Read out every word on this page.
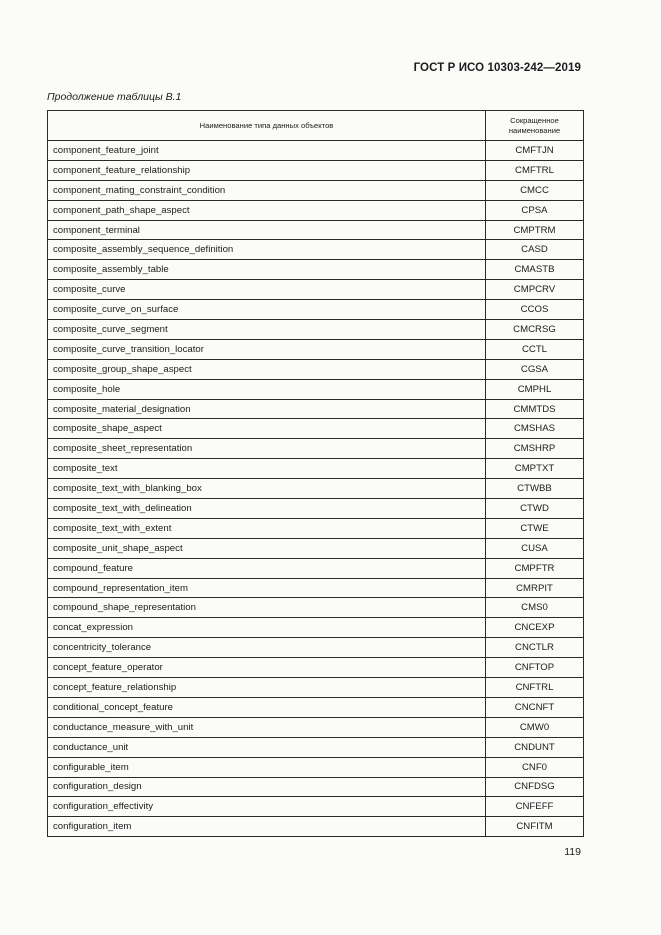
ГОСТ Р ИСО 10303-242—2019

Продолжение таблицы В.1

Наименование типа данных объектов	Сокращенное
наименование
component_feature_joint	CMFTJN
component_feature_relationship	CMFTRL
component_mating_constraint_condition	CMCC
component_path_shape_aspect	CPSA
component_terminal	CMPTRM
composite_assembly_sequence_definition	CASD
composite_assembly_table	CMASTB
composite_curve	CMPCRV
composite_curve_on_surface	CCOS
composite_curve_segment	CMCRSG
composite_curve_transition_locator	CCTL
composite_group_shape_aspect	CGSA
composite_hole	CMPHL
composite_material_designation	CMMTDS
composite_shape_aspect	CMSHAS
composite_sheet_representation	CMSHRP
composite_text	CMPTXT
composite_text_with_blanking_box	CTWBB
composite_text_with_delineation	CTWD
composite_text_with_extent	CTWE
composite_unit_shape_aspect	CUSA
compound_feature	CMPFTR
compound_representation_item	CMRPIT
compound_shape_representation	CMS0
concat_expression	CNCEXP
concentricity_tolerance	CNCTLR
concept_feature_operator	CNFTOP
concept_feature_relationship	CNFTRL
conditional_concept_feature	CNCNFT
conductance_measure_with_unit	CMW0
conductance_unit	CNDUNT
configurable_item	CNF0
configuration_design	CNFDSG
configuration_effectivity	CNFEFF
configuration_item	CNFITM

119
